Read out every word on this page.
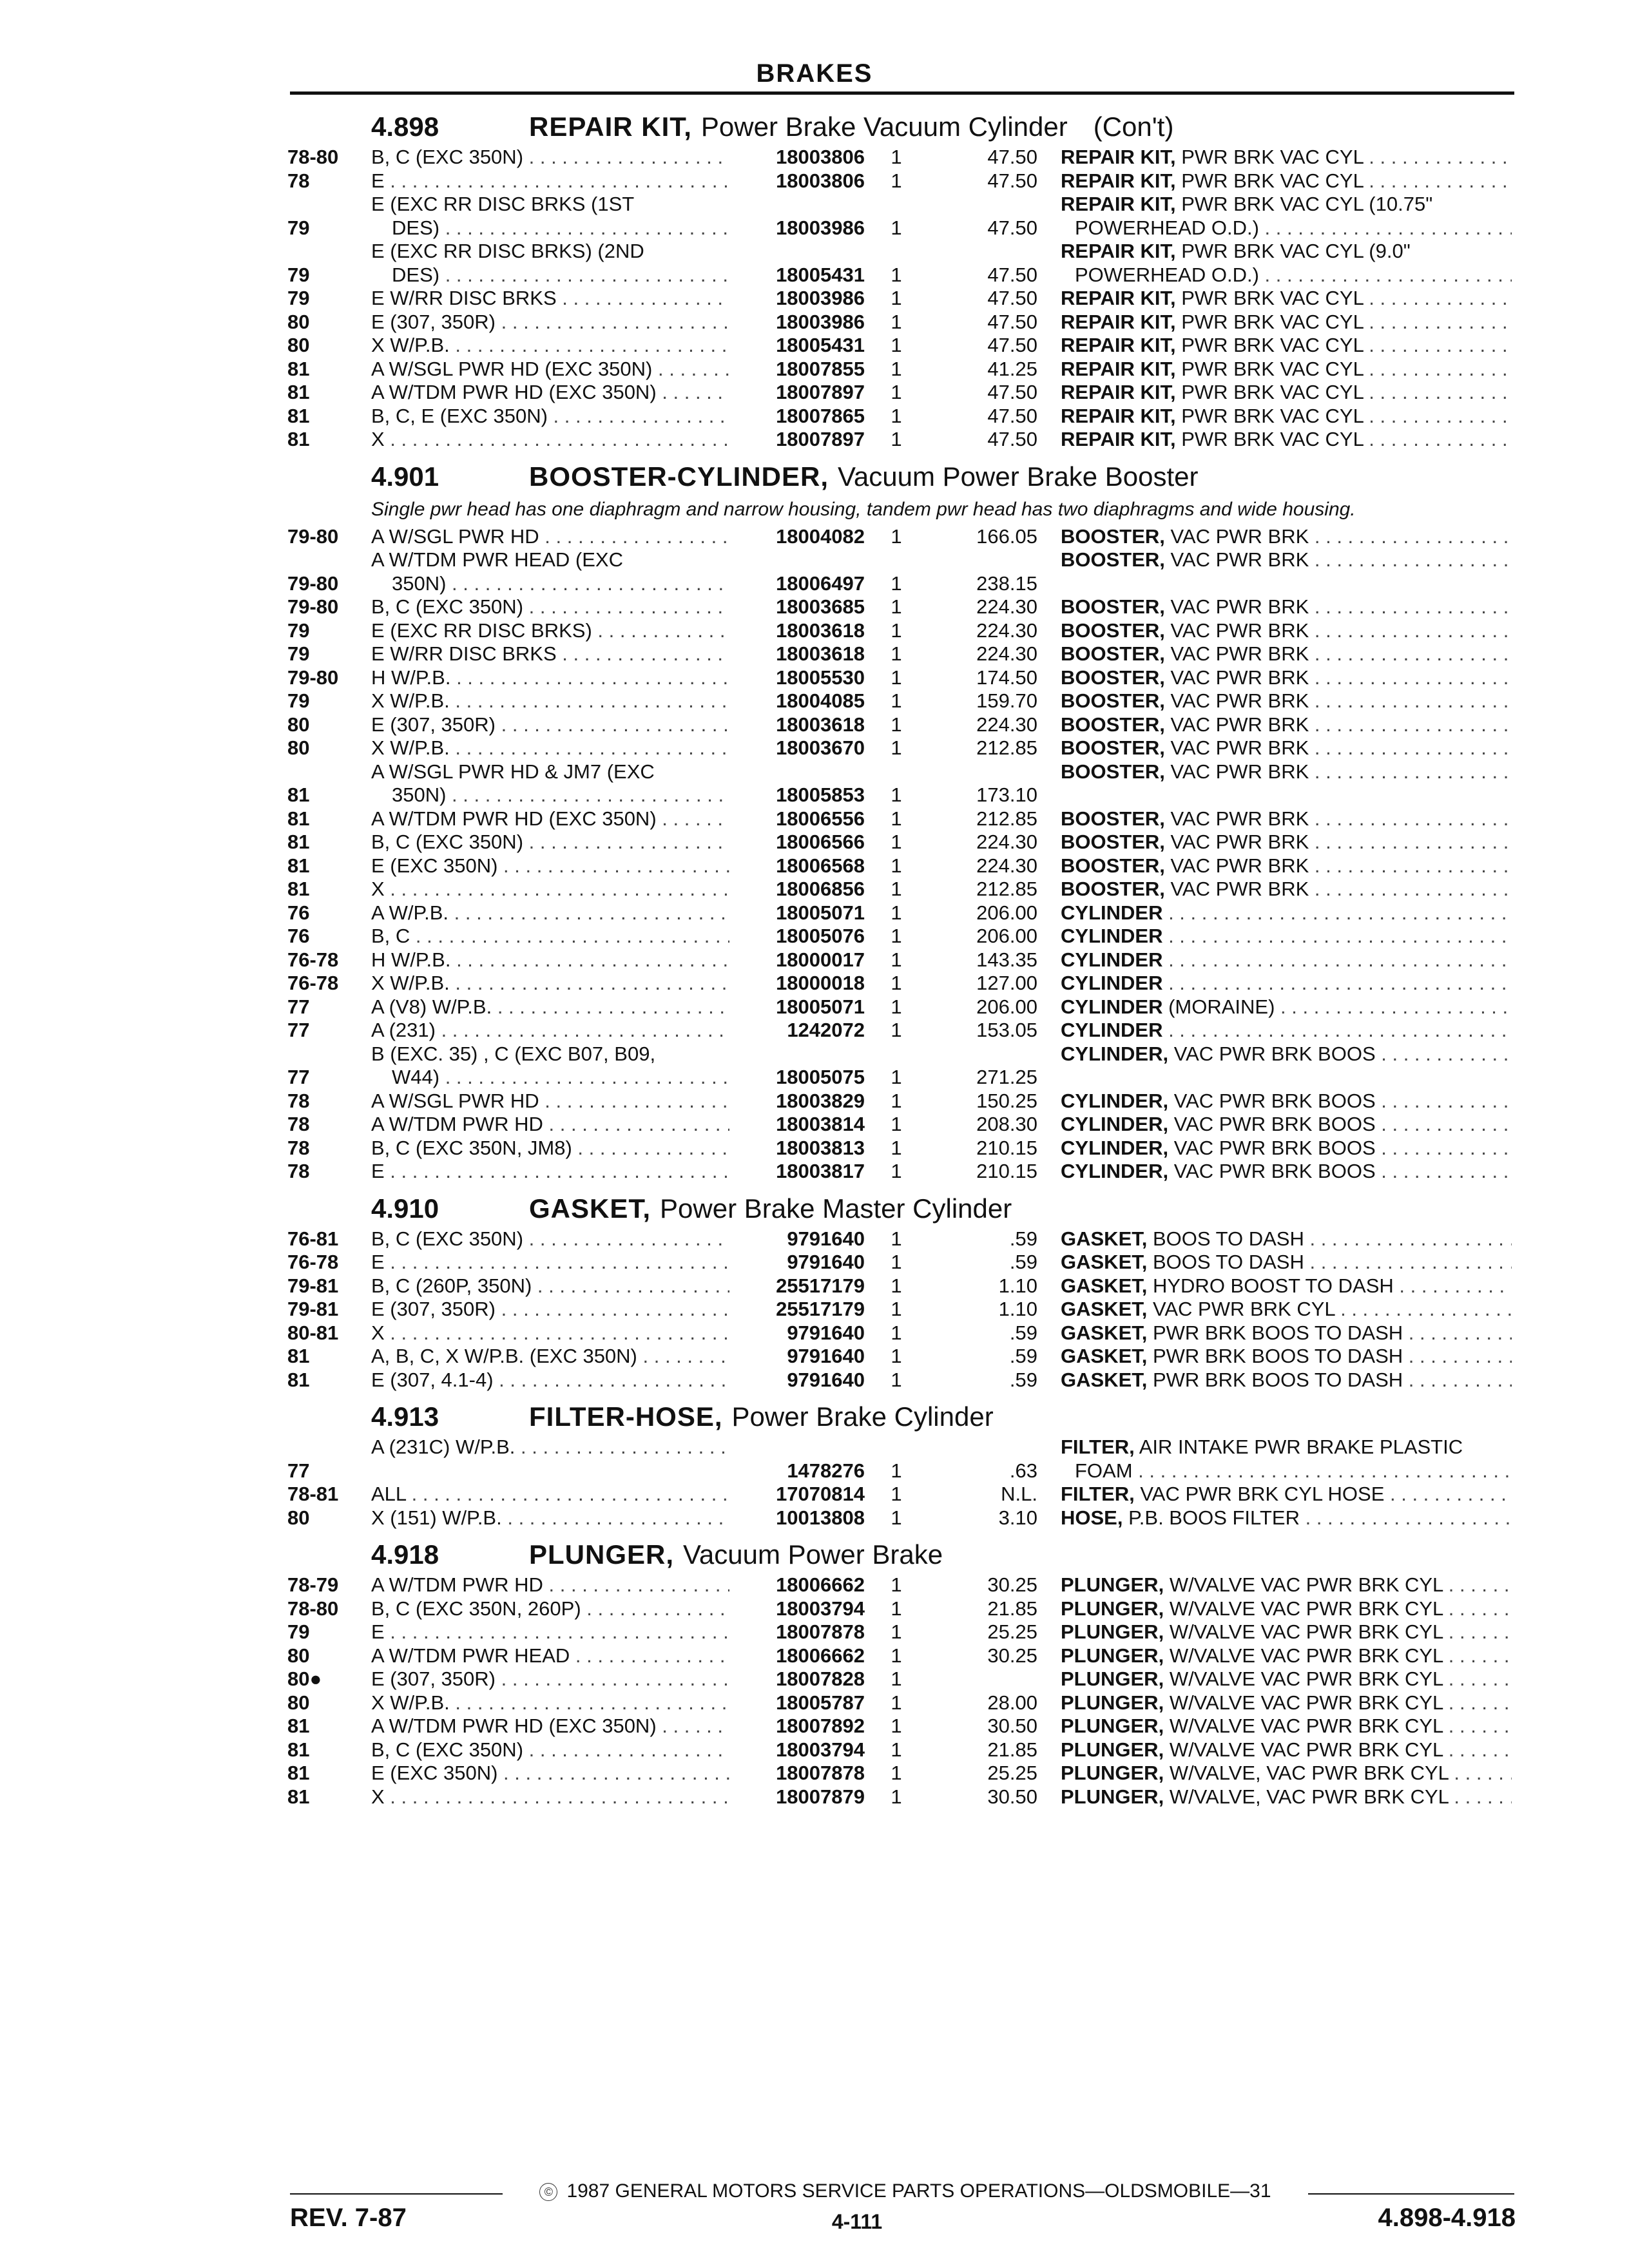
BRAKES
4.898	REPAIR KIT, Power Brake Vacuum Cylinder (Con't)
78-80	B, C (EXC 350N) . . .	18003806 1	47.50 REPAIR KIT, PWR BRK VAC CYL . . .
78	E . . .	18003806 1	47.50 REPAIR KIT, PWR BRK VAC CYL . . .
E (EXC RR DISC BRKS (1ST	REPAIR KIT, PWR BRK VAC CYL (10.75"
79	DES) . . .	18003986 1	47.50 POWERHEAD O.D.) . . .
E (EXC RR DISC BRKS) (2ND	REPAIR KIT, PWR BRK VAC CYL (9.0"
79	DES) . . .	18005431 1	47.50 POWERHEAD O.D.) . . .
79	E W/RR DISC BRKS . . .	18003986 1	47.50 REPAIR KIT, PWR BRK VAC CYL . . .
80	E (307, 350R) . . .	18003986 1	47.50 REPAIR KIT, PWR BRK VAC CYL . . .
80	X W/P.B. . . .	18005431 1	47.50 REPAIR KIT, PWR BRK VAC CYL . . .
81	A W/SGL PWR HD (EXC 350N) . . .	18007855 1	41.25 REPAIR KIT, PWR BRK VAC CYL . . .
81	A W/TDM PWR HD (EXC 350N) . . .	18007897 1	47.50 REPAIR KIT, PWR BRK VAC CYL . . .
81	B, C, E (EXC 350N) . . .	18007865 1	47.50 REPAIR KIT, PWR BRK VAC CYL . . .
81	X . . .	18007897 1	47.50 REPAIR KIT, PWR BRK VAC CYL . . .
4.901	BOOSTER-CYLINDER, Vacuum Power Brake Booster
Single pwr head has one diaphragm and narrow housing, tandem pwr head has two diaphragms and wide housing.
79-80	A W/SGL PWR HD . . .	18004082 1	166.05 BOOSTER, VAC PWR BRK . . .
A W/TDM PWR HEAD (EXC	BOOSTER, VAC PWR BRK . . .
79-80	350N) . . .	18006497 1	238.15
79-80	B, C (EXC 350N) . . .	18003685 1	224.30 BOOSTER, VAC PWR BRK . . .
79	E (EXC RR DISC BRKS) . . .	18003618 1	224.30 BOOSTER, VAC PWR BRK . . .
79	E W/RR DISC BRKS . . .	18003618 1	224.30 BOOSTER, VAC PWR BRK . . .
79-80	H W/P.B. . . .	18005530 1	174.50 BOOSTER, VAC PWR BRK . . .
79	X W/P.B. . . .	18004085 1	159.70 BOOSTER, VAC PWR BRK . . .
80	E (307, 350R) . . .	18003618 1	224.30 BOOSTER, VAC PWR BRK . . .
80	X W/P.B. . . .	18003670 1	212.85 BOOSTER, VAC PWR BRK . . .
A W/SGL PWR HD & JM7 (EXC	BOOSTER, VAC PWR BRK . . .
81	350N) . . .	18005853 1	173.10
81	A W/TDM PWR HD (EXC 350N) . . .	18006556 1	212.85 BOOSTER, VAC PWR BRK . . .
81	B, C (EXC 350N) . . .	18006566 1	224.30 BOOSTER, VAC PWR BRK . . .
81	E (EXC 350N) . . .	18006568 1	224.30 BOOSTER, VAC PWR BRK . . .
81	X . . .	18006856 1	212.85 BOOSTER, VAC PWR BRK . . .
76	A W/P.B. . . .	18005071 1	206.00 CYLINDER . . .
76	B, C . . .	18005076 1	206.00 CYLINDER . . .
76-78	H W/P.B. . . .	18000017 1	143.35 CYLINDER . . .
76-78	X W/P.B. . . .	18000018 1	127.00 CYLINDER . . .
77	A (V8) W/P.B. . . .	18005071 1	206.00 CYLINDER (MORAINE) . . .
77	A (231) . . .	1242072 1	153.05 CYLINDER . . .
B (EXC. 35) , C (EXC B07, B09,	CYLINDER, VAC PWR BRK BOOS . . .
77	W44) . . .	18005075 1	271.25
78	A W/SGL PWR HD . . .	18003829 1	150.25 CYLINDER, VAC PWR BRK BOOS . . .
78	A W/TDM PWR HD . . .	18003814 1	208.30 CYLINDER, VAC PWR BRK BOOS . . .
78	B, C (EXC 350N, JM8) . . .	18003813 1	210.15 CYLINDER, VAC PWR BRK BOOS . . .
78	E . . .	18003817 1	210.15 CYLINDER, VAC PWR BRK BOOS . . .
4.910	GASKET, Power Brake Master Cylinder
76-81	B, C (EXC 350N) . . .	9791640 1	.59 GASKET, BOOS TO DASH . . .
76-78	E . . .	9791640 1	.59 GASKET, BOOS TO DASH . . .
79-81	B, C (260P, 350N) . . .	25517179 1	1.10 GASKET, HYDRO BOOST TO DASH . . .
79-81	E (307, 350R) . . .	25517179 1	1.10 GASKET, VAC PWR BRK CYL . . .
80-81	X . . .	9791640 1	.59 GASKET, PWR BRK BOOS TO DASH . . .
81	A, B, C, X W/P.B. (EXC 350N) . . .	9791640 1	.59 GASKET, PWR BRK BOOS TO DASH . . .
81	E (307, 4.1-4) . . .	9791640 1	.59 GASKET, PWR BRK BOOS TO DASH . . .
4.913	FILTER-HOSE, Power Brake Cylinder
A (231C) W/P.B. . . .	FILTER, AIR INTAKE PWR BRAKE PLASTIC
77	1478276 1	.63 FOAM . . .
78-81	ALL . . .	17070814 1	N.L. FILTER, VAC PWR BRK CYL HOSE . . .
80	X (151) W/P.B. . . .	10013808 1	3.10 HOSE, P.B. BOOS FILTER . . .
4.918	PLUNGER, Vacuum Power Brake
78-79	A W/TDM PWR HD . . .	18006662 1	30.25 PLUNGER, W/VALVE VAC PWR BRK CYL . . .
78-80	B, C (EXC 350N, 260P) . . .	18003794 1	21.85 PLUNGER, W/VALVE VAC PWR BRK CYL . . .
79	E . . .	18007878 1	25.25 PLUNGER, W/VALVE VAC PWR BRK CYL . . .
80	A W/TDM PWR HEAD . . .	18006662 1	30.25 PLUNGER, W/VALVE VAC PWR BRK CYL . . .
80●	E (307, 350R) . . .	18007828 1	PLUNGER, W/VALVE VAC PWR BRK CYL . . .
80	X W/P.B. . . .	18005787 1	28.00 PLUNGER, W/VALVE VAC PWR BRK CYL . . .
81	A W/TDM PWR HD (EXC 350N) . . .	18007892 1	30.50 PLUNGER, W/VALVE VAC PWR BRK CYL . . .
81	B, C (EXC 350N) . . .	18003794 1	21.85 PLUNGER, W/VALVE VAC PWR BRK CYL . . .
81	E (EXC 350N) . . .	18007878 1	25.25 PLUNGER, W/VALVE, VAC PWR BRK CYL . . .
81	X . . .	18007879 1	30.50 PLUNGER, W/VALVE, VAC PWR BRK CYL . . .
© 1987 GENERAL MOTORS SERVICE PARTS OPERATIONS—OLDSMOBILE—31
REV. 7-87	4-111	4.898-4.918
